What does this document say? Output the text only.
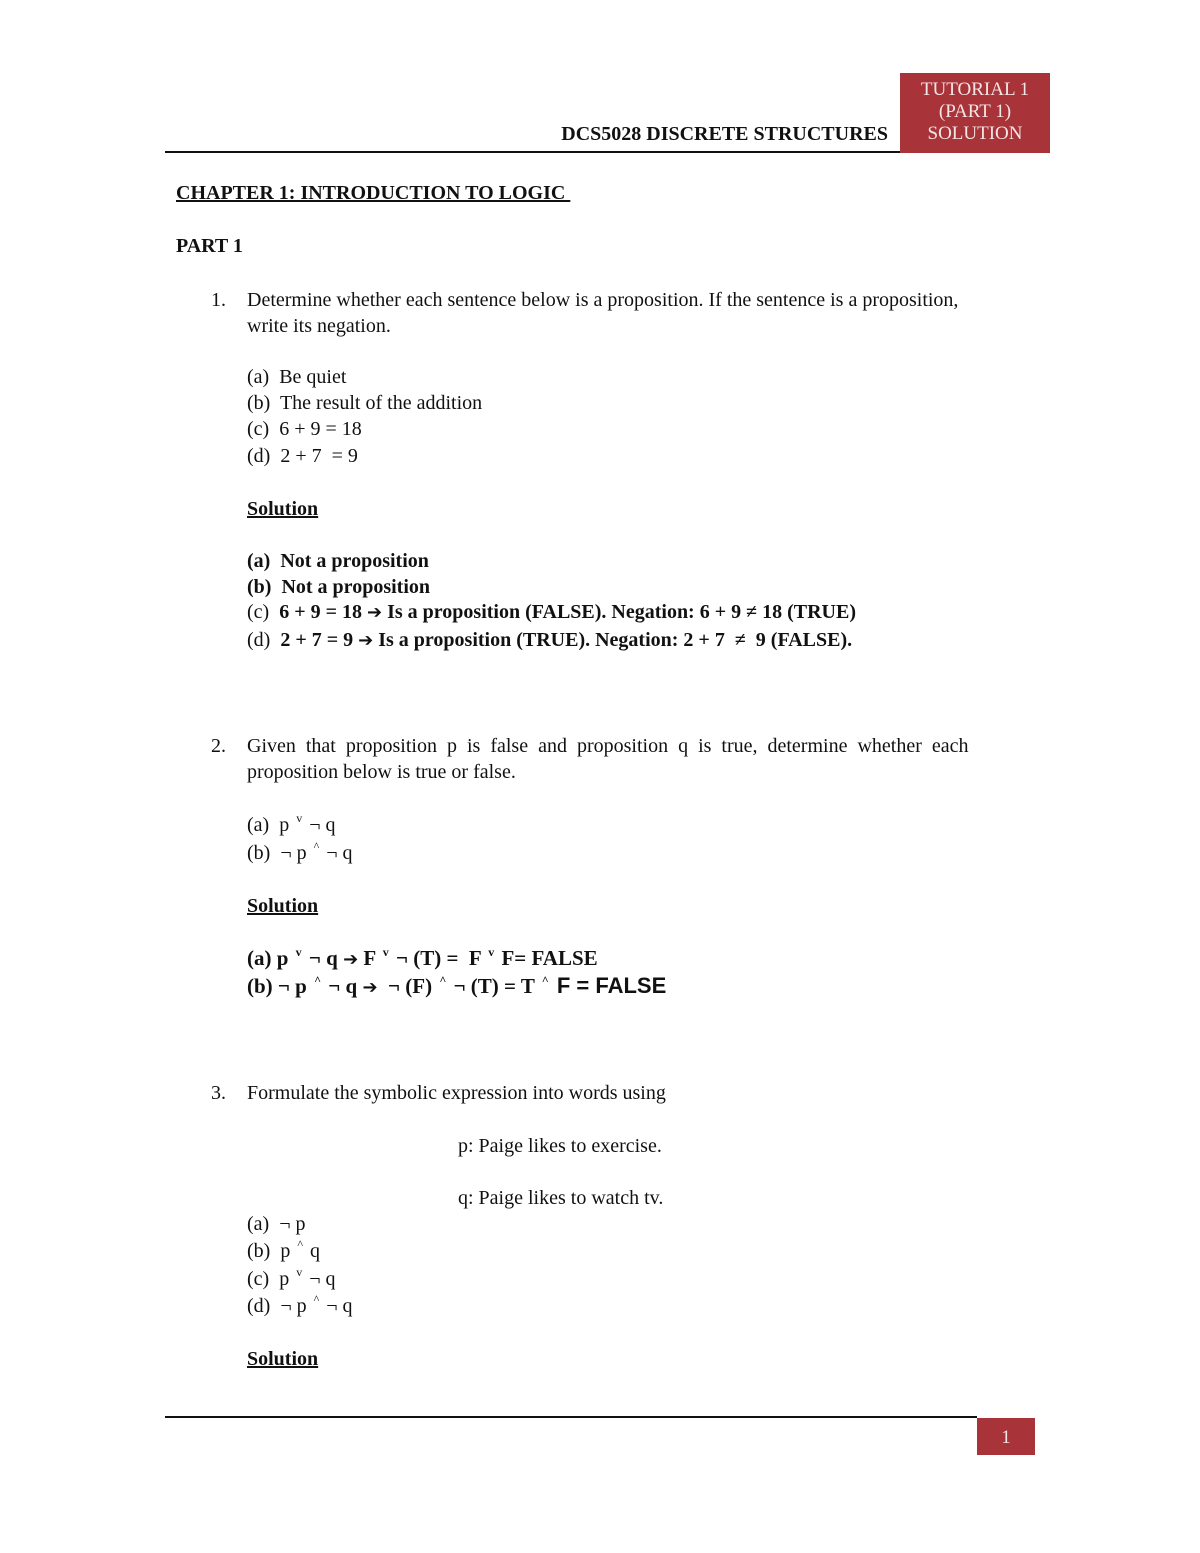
DCS5028 DISCRETE STRUCTURES
TUTORIAL 1
(PART 1)
SOLUTION
CHAPTER 1: INTRODUCTION TO LOGIC
PART 1
1. Determine whether each sentence below is a proposition. If the sentence is a proposition,
write its negation.
(a)  Be quiet
(b)  The result of the addition
(c)  6 + 9 = 18
(d)  2 + 7  = 9
Solution
(a) Not a proposition
(b) Not a proposition
(c) 6 + 9 = 18 ➔ Is a proposition (FALSE). Negation: 6 + 9 ≠ 18 (TRUE)
(d) 2 + 7 = 9 ➔ Is a proposition (TRUE). Negation: 2 + 7  ≠  9 (FALSE).
2. Given  that  proposition  p  is  false  and  proposition  q  is  true,  determine  whether  each
proposition below is true or false.
(a)  p $^v$ ¬ q
(b)  ¬ p ^ ¬ q
Solution
(a) p $^v$ ¬ q ➔ F $^v$ ¬ (T) =  F $^v$ F= FALSE
(b) ¬ p ^ ¬ q ➔  ¬ (F) ^ ¬ (T) = T ^ F = FALSE
3. Formulate the symbolic expression into words using
p: Paige likes to exercise.
q: Paige likes to watch tv.
(a)  ¬ p
(b)  p ^ q
(c)  p $^v$ ¬ q
(d)  ¬ p ^ ¬ q
Solution
1
